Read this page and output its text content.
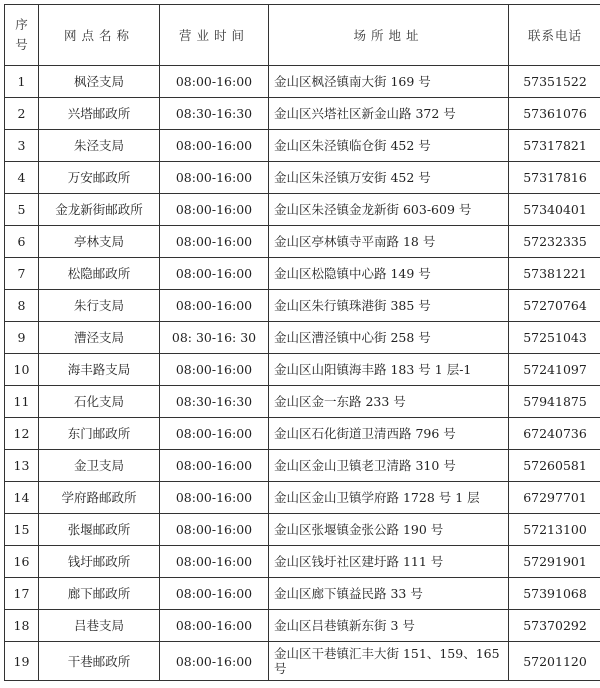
序
号	网点名称	营业时间	场所地址	联系电话
1	枫泾支局	08:00-16:00	金山区枫泾镇南大街 169 号	57351522
2	兴塔邮政所	08:30-16:30	金山区兴塔社区新金山路 372 号	57361076
3	朱泾支局	08:00-16:00	金山区朱泾镇临仓街 452 号	57317821
4	万安邮政所	08:00-16:00	金山区朱泾镇万安街 452 号	57317816
5	金龙新街邮政所	08:00-16:00	金山区朱泾镇金龙新街 603-609 号	57340401
6	亭林支局	08:00-16:00	金山区亭林镇寺平南路 18 号	57232335
7	松隐邮政所	08:00-16:00	金山区松隐镇中心路 149 号	57381221
8	朱行支局	08:00-16:00	金山区朱行镇珠港街 385 号	57270764
9	漕泾支局	08: 30-16: 30	金山区漕泾镇中心街 258 号	57251043
10	海丰路支局	08:00-16:00	金山区山阳镇海丰路 183 号 1 层-1	57241097
11	石化支局	08:30-16:30	金山区金一东路 233 号	57941875
12	东门邮政所	08:00-16:00	金山区石化街道卫清西路 796 号	67240736
13	金卫支局	08:00-16:00	金山区金山卫镇老卫清路 310 号	57260581
14	学府路邮政所	08:00-16:00	金山区金山卫镇学府路 1728 号 1 层	67297701
15	张堰邮政所	08:00-16:00	金山区张堰镇金张公路 190 号	57213100
16	钱圩邮政所	08:00-16:00	金山区钱圩社区建圩路 111 号	57291901
17	廊下邮政所	08:00-16:00	金山区廊下镇益民路 33 号	57391068
18	吕巷支局	08:00-16:00	金山区吕巷镇新东街 3 号	57370292
19	干巷邮政所	08:00-16:00	金山区干巷镇汇丰大街 151、159、165 号	57201120
